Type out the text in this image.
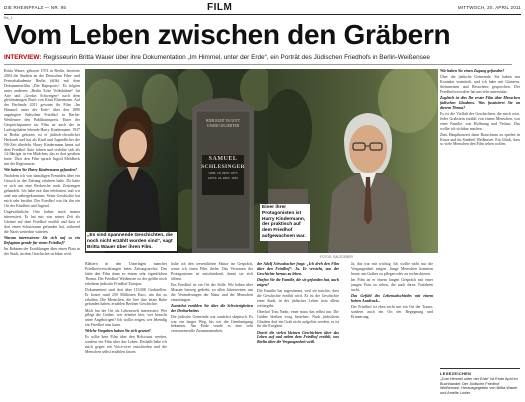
DIE RHEINPFALZ — NR. 95	FILM	MITTWOCH, 20. APRIL 2011
Ra_1
Vom Leben zwischen den Gräbern
INTERVIEW: Regisseurin Britta Wauer über ihre Dokumentation „Im Himmel, unter der Erde“, ein Porträt des Jüdischen Friedhofs in Berlin-Weißensee

Britta Wauer, geboren 1974 in Berlin, bereitete 2004 die Studien an der Deutschen Film- und Fernsehakademie Berlin (dffb) mit dem Dokumentarfilm „Die Rapoports“. Es folgten unter anderem „Berlin Ecke Volksbühne“ für Arte und „Gerdas Schweigen“ nach dem gleichnamigen Buch von Knut Elstermann. Auf der Berlinale 2011 gewann ihr Film „Im Himmel, unter der Erde“ über den 1880 angelegten Jüdischen Friedhof in Berlin-Weißensee den Publikumspreis. Einer der Gesprächspartner im Film ist auch der in Ludwigshafen lebende Harry Kindermann. 1927 in Berlin geboren, ist er jüdisch-christlicher Herkunft und hat als Kind und Jugendlicher die NS-Zeit überlebt. Harry Kindermann kennt auf dem Friedhof Auto fahren und verlebte sich als 14-Jähriger in ein Mädchen, das er dort gesehen hatte. Über den Film sprach Ingrid Mehlbeck mit der Regisseurin.

Wie haben Sie Harry Kindermann gefunden?

Nachdem ich von damaligen Freunden über ein Gesuch in der Zeitung erfahren habe. Da hatte es sich um eine Recherche nach Zeitzeugen gehandelt. Ich habe mit ihm telefoniert und wir sind uns nähergekommen. Seine Geschichte hat mich sehr berührt. Der Friedhof war für ihn ein Ort der Kindheit und Jugend.

Ungewöhnliche Orte haben mich immer interessiert. Er hat mir von seiner Zeit als Gärtner auf dem Friedhof erzählt und dass er dort einen Schutzraum gefunden hat, während die Nazis weiterhin wüteten.

Warum interessieren Sie sich auf so ein Refugium gerade für einen Friedhof?

Im Rahmen der Erzählungen über einen Platz in der Stadt, an dem Geschichte sichtbar wird.

„Es sind spannende Geschichten, die noch nicht erzählt worden sind“, sagt Britta Wauer über ihren Film.
HIER RUHT IN GOTT
UNSER GELIEBTER
SAMUEL
SCHLESINGER
GEB. 18. NOV. 1873
GEST. 24. DEZ. 1932
Einer ihrer Protagonisten ist Harry Kindermann, der praktisch auf dem Friedhof aufgewachsen war.
FOTOS: SALZGEBER

Blättern in den Unterlagen mancher Friedhofsverwaltungen beim Zeitungsarchiv. Das hätte den Film dann zu einem sehr eigentlichen Thema. Der Friedhof Weißensee ist der größte noch erhaltene jüdische Friedhof Europas.

Dokumentiert sind dort über 115.000 Grabstellen. Er kostet rund 250 Millionen Euro, um ihn zu erhalten. Die Menschen, die hier ihre letzte Ruhe gefunden haben, erzählen Berliner Geschichte.

Mich hat der Ort als Lebenswelt interessiert: Wer pflegt die Gräber, wer arbeitet hier, wer besucht seine Angehörigen? Ich wollte zeigen, wie lebendig ein Friedhof sein kann.

Welche Vorgaben haben Sie sich gesetzt?

Es sollte kein Film über den Holocaust werden, sondern ein Film über das Leben. Deshalb habe ich mich gegen ein Voice-over entschieden und die Menschen selbst erzählen lassen.

halte ich den wesentlichen Faktor im Gespräch, wenn ich einen Film drehe. Das Vertrauen der Protagonisten ist entscheidend, damit sie sich öffnen.

Ein Friedhof ist ein Ort der Stille. Wir haben über Monate hinweg gedreht, zu allen Jahreszeiten, um die Veränderungen der Natur und der Menschen einzufangen.

Zunächst erzählen Sie über die Schwierigkeiten der Dreharbeiten.

Die jüdische Gemeinde war zunächst skeptisch. Es war ein langer Weg, bis wir die Genehmigung bekamen. Am Ende wurde es eine sehr vertrauensvolle Zusammenarbeit.

der Adolf Schwabacher fragt: „Ich dreh den Film über den Friedhof“. Ja. Er versteht, aus der Geschichte heraus zu leben.

Dürfen Sie die Familie, die sie gefunden hat, auch zeigen?

Die Familie hat zugestimmt, weil sie möchte, dass die Geschichte erzählt wird. Es ist die Geschichte einer Stadt, in der jüdisches Leben trotz allem weitergeht.

Oberhof Trau Nadir, einer muss das selbst tun. Die Gräber bleiben ewig bestehen. Nach jüdischem Glauben darf ein Grab nicht aufgelöst werden, es ist für die Ewigkeit.

Durch die vielen kleinen Geschichten über das Leben auf und neben dem Friedhof erzählt, was Berlin über die Vergangenheit weiß.

Ja, das war mir wichtig. Ich wollte nicht nur die Vergangenheit zeigen. Junge Menschen kommen heute, um Gräber zu pflegen oder zu recherchieren.

Im Film ist er einem langen Gespräch mit einer jungen Frau zu sehen, die nach ihren Vorfahren sucht.

Das Gefühl des Lebensabschiedes mit einem hohen Ausdruck...

Der Friedhof ist eben nicht nur ein Ort der Trauer, sondern auch ein Ort der Begegnung und Erinnerung.

Wie haben Sie einen Zugang gefunden?

Über die jüdische Gemeinde. Sie haben mir Kontakte vermittelt, und ich habe mit Gärtnern, Steinmetzen und Besuchern gesprochen. Der Friedhofsverwalter hat uns sehr unterstützt.

Zugleich ist dies Ihr erster Film über Menschen jüdischen Glaubens. Was faszinieret Sie an diesem Thema?

Es ist die Vielfalt der Geschichten, die mich reizt. Jeder Grabstein erzählt von einem Menschen, von einer Familie, von Hoffnung und Verlust. Das wollte ich sichtbar machen.

Zum Hauptkonzert dann Brauchtum zu spielen in Kinos und im Stadtteil Weißensee. Ein Glück, dass so viele Menschen den Film sehen wollen.

LESEZEICHEN
„Zum Himmel unter der Erde“ ist Ende April im Buchhandel: Der Jüdische Friedhof Weißensee, Herausgegeben von Britta Wauer und Amélie Losier.
